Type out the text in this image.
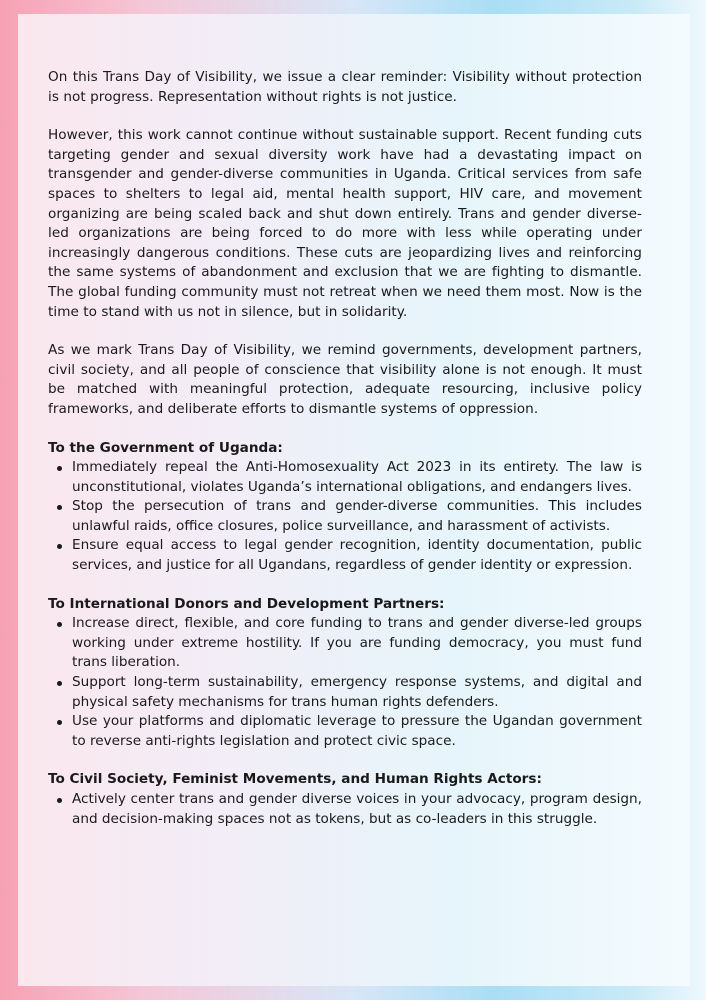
On this Trans Day of Visibility, we issue a clear reminder: Visibility without protection is not progress. Representation without rights is not justice.

However, this work cannot continue without sustainable support. Recent funding cuts targeting gender and sexual diversity work have had a devastating impact on transgender and gender-diverse communities in Uganda. Critical services from safe spaces to shelters to legal aid, mental health support, HIV care, and movement organizing are being scaled back and shut down entirely. Trans and gender diverse-led organizations are being forced to do more with less while operating under increasingly dangerous conditions. These cuts are jeopardizing lives and reinforcing the same systems of abandonment and exclusion that we are fighting to dismantle. The global funding community must not retreat when we need them most. Now is the time to stand with us not in silence, but in solidarity.

As we mark Trans Day of Visibility, we remind governments, development partners, civil society, and all people of conscience that visibility alone is not enough. It must be matched with meaningful protection, adequate resourcing, inclusive policy frameworks, and deliberate efforts to dismantle systems of oppression.

To the Government of Uganda:

Immediately repeal the Anti-Homosexuality Act 2023 in its entirety. The law is unconstitutional, violates Uganda’s international obligations, and endangers lives.
Stop the persecution of trans and gender-diverse communities. This includes unlawful raids, office closures, police surveillance, and harassment of activists.
Ensure equal access to legal gender recognition, identity documentation, public services, and justice for all Ugandans, regardless of gender identity or expression.

To International Donors and Development Partners:

Increase direct, flexible, and core funding to trans and gender diverse-led groups working under extreme hostility. If you are funding democracy, you must fund trans liberation.
Support long-term sustainability, emergency response systems, and digital and physical safety mechanisms for trans human rights defenders.
Use your platforms and diplomatic leverage to pressure the Ugandan government to reverse anti-rights legislation and protect civic space.

To Civil Society, Feminist Movements, and Human Rights Actors:

Actively center trans and gender diverse voices in your advocacy, program design, and decision-making spaces not as tokens, but as co-leaders in this struggle.
